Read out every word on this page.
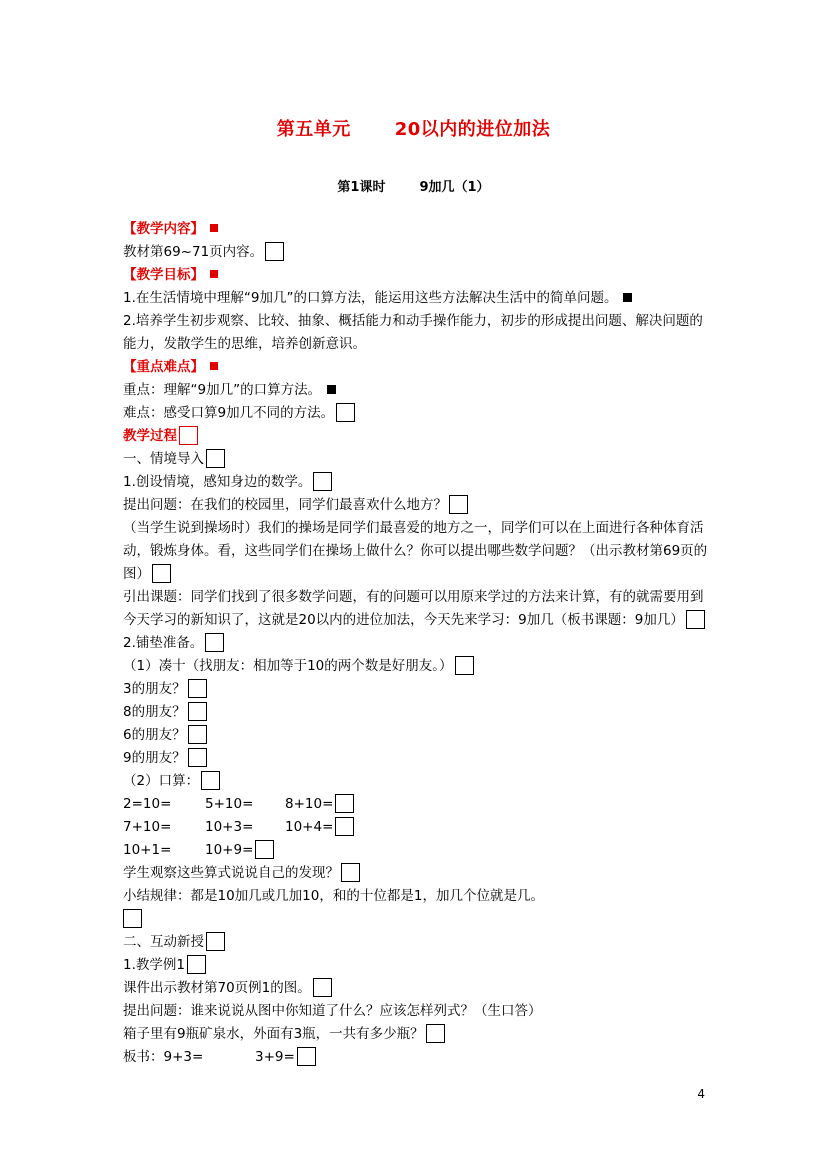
第五单元 20以内的进位加法
第1课时	9加几（1）
【教学内容】
教材第69~71页内容。
【教学目标】
1.在生活情境中理解“9加几”的口算方法，能运用这些方法解决生活中的简单问题。
2.培养学生初步观察、比较、抽象、概括能力和动手操作能力，初步的形成提出问题、解决问题的能力，发散学生的思维，培养创新意识。
【重点难点】
重点：理解“9加几”的口算方法。
难点：感受口算9加几不同的方法。
教学过程
一、情境导入
1.创设情境，感知身边的数学。
提出问题：在我们的校园里，同学们最喜欢什么地方？
（当学生说到操场时）我们的操场是同学们最喜爱的地方之一，同学们可以在上面进行各种体育活动，锻炼身体。看，这些同学们在操场上做什么？你可以提出哪些数学问题？（出示教材第69页的图）
引出课题：同学们找到了很多数学问题，有的问题可以用原来学过的方法来计算，有的就需要用到今天学习的新知识了，这就是20以内的进位加法，今天先来学习：9加几（板书课题：9加几）
2.铺垫准备。
（1）凑十（找朋友：相加等于10的两个数是好朋友。）
3的朋友？
8的朋友？
6的朋友？
9的朋友？
（2）口算：
2=10= 5+10= 8+10=
7+10= 10+3= 10+4=
10+1= 10+9=
学生观察这些算式说说自己的发现？
小结规律：都是10加几或几加10，和的十位都是1，加几个位就是几。
二、互动新授
1.教学例1
课件出示教材第70页例1的图。
提出问题：谁来说说从图中你知道了什么？应该怎样列式？（生口答）
箱子里有9瓶矿泉水，外面有3瓶，一共有多少瓶？
板书：9+3=	3+9=
4
